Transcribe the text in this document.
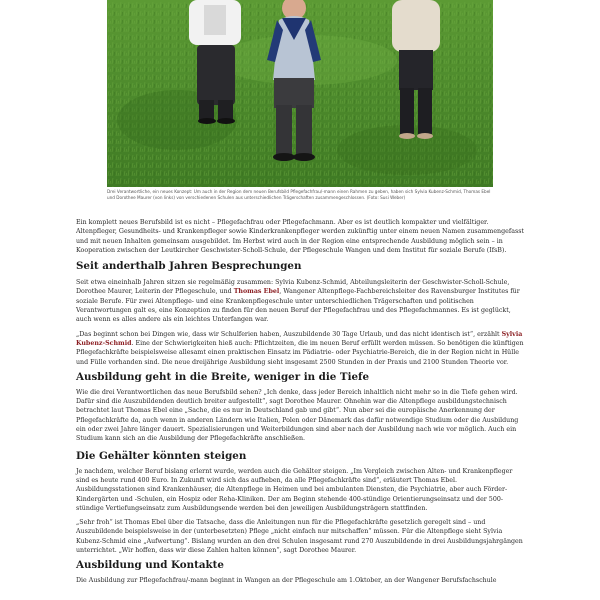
Drei Verantwortliche, ein neues Konzept: Um auch in der Region dem neuen Berufsbild Pflegefachfrau/-mann einen Rahmen zu geben, haben sich Sylvia Kubenz-Schmid, Thomas Ebel und Dorothee Maurer (von links) von verschiedenen Schulen aus unterschiedlichen Trägerschaften zusammengeschlossen. (Foto: Susi Weber)

Ein komplett neues Berufsbild ist es nicht – Pflegefachfrau oder Pflegefachmann. Aber es ist deutlich kompakter und vielfältiger. Altenpfleger, Gesundheits- und Krankenpfleger sowie Kinderkrankenpfleger werden zukünftig unter einem neuen Namen zusammengefasst und mit neuen Inhalten gemeinsam ausgebildet. Im Herbst wird auch in der Region eine entsprechende Ausbildung möglich sein – in Kooperation zwischen der Leutkircher Geschwister-Scholl-Schule, der Pflegeschule Wangen und dem Institut für soziale Berufe (IfsB).

Seit anderthalb Jahren Besprechungen

Seit etwa eineinhalb Jahren sitzen sie regelmäßig zusammen: Sylvia Kubenz-Schmid, Abteilungsleiterin der Geschwister-Scholl-Schule, Dorothee Maurer, Leiterin der Pflegeschule, und Thomas Ebel, Wangener Altenpflege-Fachbereichsleiter des Ravensburger Institutes für soziale Berufe. Für zwei Altenpflege- und eine Krankenpflegeschule unter unterschiedlichen Trägerschaften und politischen Verantwortungen galt es, eine Konzeption zu finden für den neuen Beruf der Pflegefachfrau und des Pflegefachmannes. Es ist geglückt, auch wenn es alles andere als ein leichtes Unterfangen war.

„Das beginnt schon bei Dingen wie, dass wir Schulferien haben, Auszubildende 30 Tage Urlaub, und das nicht identisch ist“, erzählt Sylvia Kubenz-Schmid. Eine der Schwierigkeiten hieß auch: Pflichtzeiten, die im neuen Beruf erfüllt werden müssen. So benötigen die künftigen Pflegefachkräfte beispielsweise allesamt einen praktischen Einsatz im Pädiatrie- oder Psychiatrie-Bereich, die in der Region nicht in Hülle und Fülle vorhanden sind. Die neue dreijährige Ausbildung sieht insgesamt 2500 Stunden in der Praxis und 2100 Stunden Theorie vor.

Ausbildung geht in die Breite, weniger in die Tiefe

Wie die drei Verantwortlichen das neue Berufsbild sehen? „Ich denke, dass jeder Bereich inhaltlich nicht mehr so in die Tiefe gehen wird. Dafür sind die Auszubildenden deutlich breiter aufgestellt“, sagt Dorothee Maurer. Ohnehin war die Altenpflege ausbildungstechnisch betrachtet laut Thomas Ebel eine „Sache, die es nur in Deutschland gab und gibt“. Nun aber sei die europäische Anerkennung der Pflegefachkräfte da, auch wenn in anderen Ländern wie Italien, Polen oder Dänemark das dafür notwendige Studium oder die Ausbildung ein oder zwei Jahre länger dauert. Spezialisierungen und Weiterbildungen sind aber nach der Ausbildung nach wie vor möglich. Auch ein Studium kann sich an die Ausbildung der Pflegefachkräfte anschließen.

Die Gehälter könnten steigen

Je nachdem, welcher Beruf bislang erlernt wurde, werden auch die Gehälter steigen. „Im Vergleich zwischen Alten- und Krankenpfleger sind es heute rund 400 Euro. In Zukunft wird sich das aufheben, da alle Pflegefachkräfte sind“, erläutert Thomas Ebel. Ausbildungsstationen sind Krankenhäuser, die Altenpflege in Heimen und bei ambulanten Diensten, die Psychiatrie, aber auch Förder-Kindergärten und -Schulen, ein Hospiz oder Reha-Kliniken. Der am Beginn stehende 400-stündige Orientierungseinsatz und der 500-stündige Vertiefungseinsatz zum Ausbildungsende werden bei den jeweiligen Ausbildungsträgern stattfinden.

„Sehr froh“ ist Thomas Ebel über die Tatsache, dass die Anleitungen nun für die Pflegefachkräfte gesetzlich geregelt sind – und Auszubildende beispielsweise in der (unterbesetzten) Pflege „nicht einfach nur mitschaffen“ müssen. Für die Altenpflege sieht Sylvia Kubenz-Schmid eine „Aufwertung“. Bislang wurden an den drei Schulen insgesamt rund 270 Auszubildende in drei Ausbildungsjahrgängen unterrichtet. „Wir hoffen, dass wir diese Zahlen halten können“, sagt Dorothee Maurer.

Ausbildung und Kontakte

Die Ausbildung zur Pflegefachfrau/-mann beginnt in Wangen an der Pflegeschule am 1.Oktober, an der Wangener Berufsfachschule
